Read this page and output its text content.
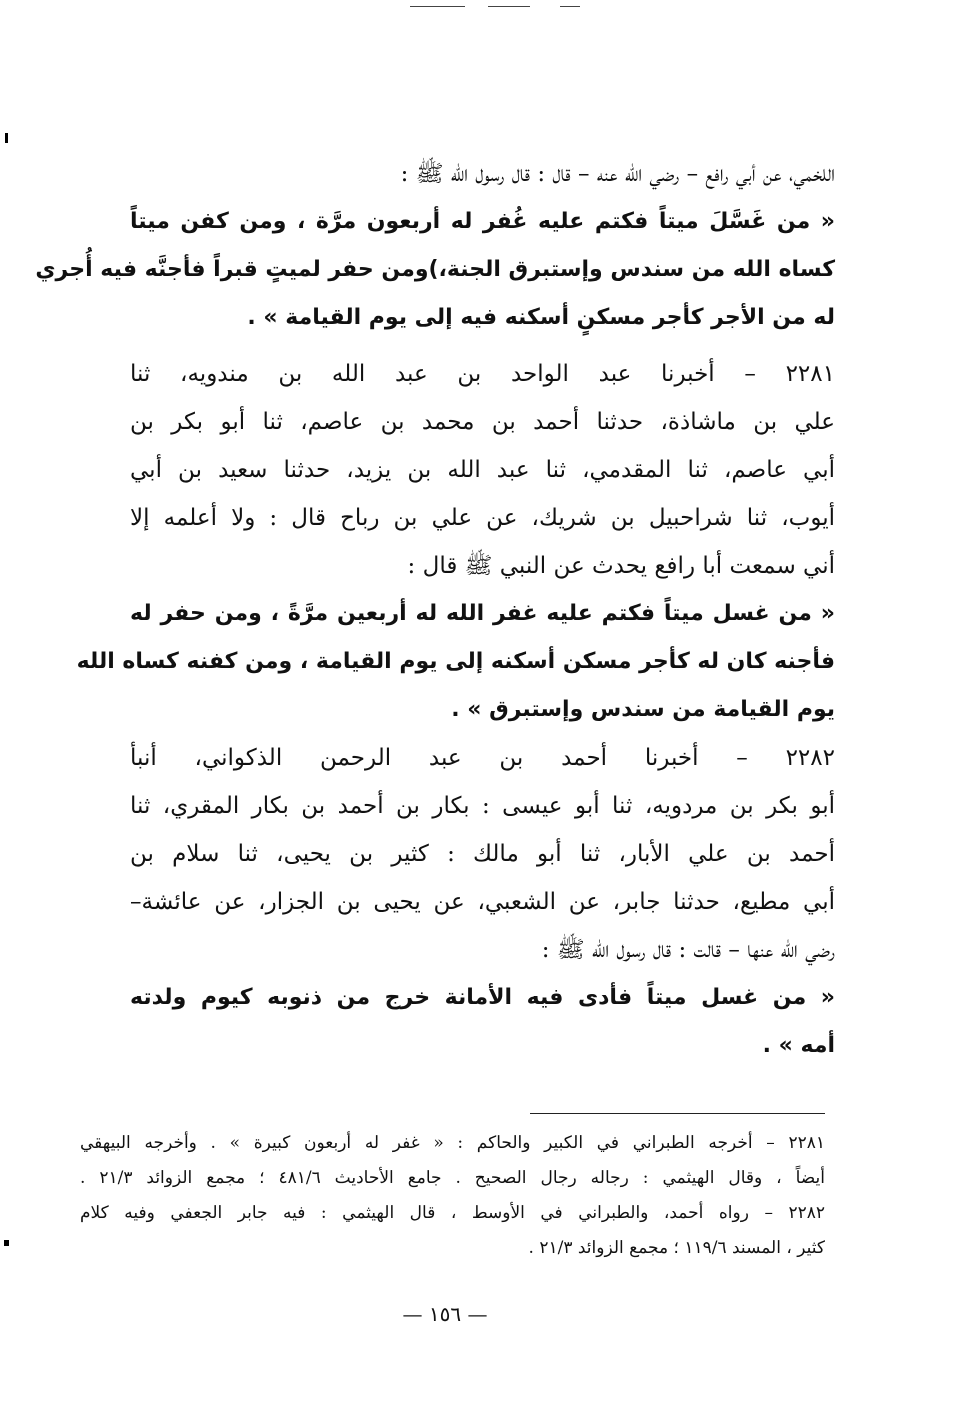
اللخمي، عن أبي رافع – رضي الله عنه – قال : قال رسول الله ﷺ :
« من غَسَّلَ ميتاً فكتم عليه غُفر له أربعون مرَّة ، ومن كفن ميتاً
كساه الله من سندس وإستبرق الجنة،)ومن حفر لميتٍ قبراً فأجنَّه فيه أُجري
له من الأجر كأجر مسكنٍ أسكنه فيه إلى يوم القيامة » .
٢٢٨١ – أخبرنا عبد الواحد بن عبد الله بن مندويه، ثنا
علي بن ماشاذة، حدثنا أحمد بن محمد بن عاصم، ثنا أبو بكر بن
أبي عاصم، ثنا المقدمي، ثنا عبد الله بن يزيد، حدثنا سعيد بن أبي
أيوب، ثنا شراحبيل بن شريك، عن علي بن رباح قال : ولا أعلمه إلا
أني سمعت أبا رافع يحدث عن النبي ﷺ قال :
« من غسل ميتاً فكتم عليه غفر الله له أربعين مرَّةً ، ومن حفر له
فأجنه كان له كأجر مسكن أسكنه إلى يوم القيامة ، ومن كفنه كساه الله
يوم القيامة من سندس وإستبرق » .
٢٢٨٢ – أخبرنا أحمد بن عبد الرحمن الذكواني، أنبأ
أبو بكر بن مردويه، ثنا أبو عيسى : بكار بن أحمد بن بكار المقري، ثنا
أحمد بن علي الأبار، ثنا أبو مالك : كثير بن يحيى، ثنا سلام بن
أبي مطيع، حدثنا جابر، عن الشعبي، عن يحيى بن الجزار، عن عائشة–
رضي الله عنها – قالت : قال رسول الله ﷺ :
« من غسل ميتاً فأدى فيه الأمانة خرج من ذنوبه كيوم ولدته
أمه » .
٢٢٨١ – أخرجه الطبراني في الكبير والحاكم : « غفر له أربعون كبيرة » . وأخرجه البيهقي
أيضاً ، وقال الهيثمي : رجاله رجال الصحيح . جامع الأحاديث ٤٨١/٦ ؛ مجمع الزوائد ٢١/٣ .
٢٢٨٢ – رواه أحمد، والطبراني في الأوسط ، قال الهيثمي : فيه جابر الجعفي وفيه كلام
كثير ، المسند ١١٩/٦ ؛ مجمع الزوائد ٢١/٣ .
— ١٥٦ —
